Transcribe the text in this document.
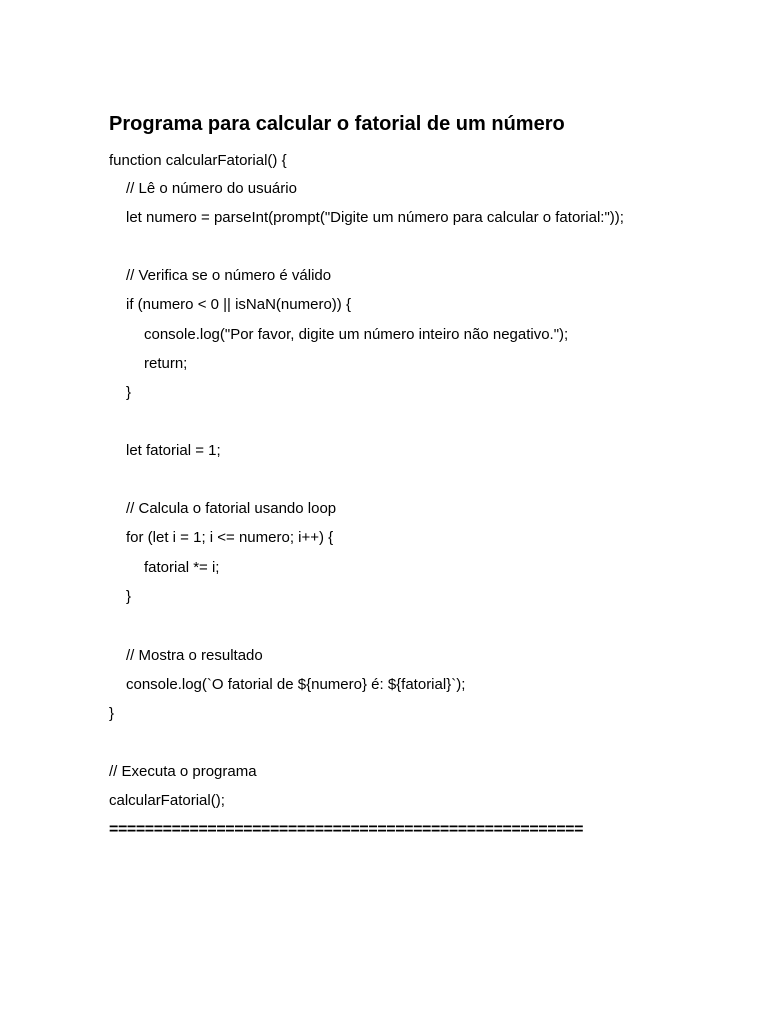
Programa para calcular o fatorial de um número
function calcularFatorial() {
// Lê o número do usuário
let numero = parseInt(prompt("Digite um número para calcular o fatorial:"));
// Verifica se o número é válido
if (numero < 0 || isNaN(numero)) {
console.log("Por favor, digite um número inteiro não negativo.");
return;
}
let fatorial = 1;
// Calcula o fatorial usando loop
for (let i = 1; i <= numero; i++) {
fatorial *= i;
}
// Mostra o resultado
console.log(`O fatorial de ${numero} é: ${fatorial}`);
}
// Executa o programa
calcularFatorial();
=====================================================
